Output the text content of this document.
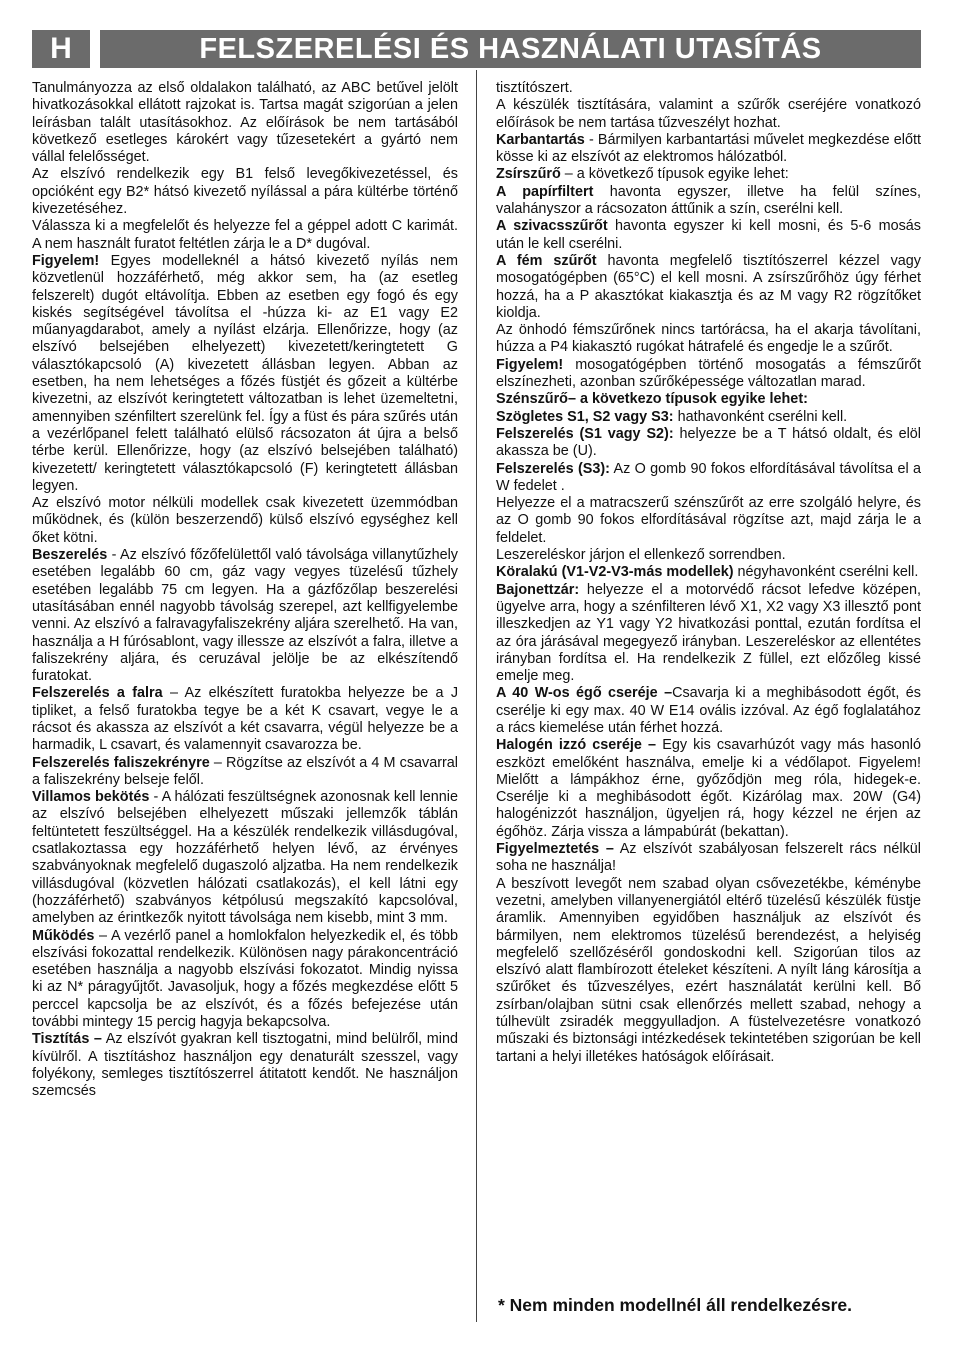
H	FELSZERELÉSI ÉS HASZNÁLATI UTASÍTÁS

Tanulmányozza az első oldalakon található, az ABC betűvel jelölt hivatkozásokkal ellátott rajzokat is. Tartsa magát szigorúan a jelen leírásban talált utasításokhoz. Az előírások be nem tartásából következő esetleges károkért vagy tűzesetekért a gyártó nem vállal felelősséget.

Az elszívó rendelkezik egy B1 felső levegőkivezetéssel, és opcióként egy B2* hátsó kivezető nyílással a pára kültérbe történő kivezetéséhez.

Válassza ki a megfelelőt és helyezze fel a géppel adott C karimát. A nem használt furatot feltétlen zárja le a D* dugóval.

Figyelem! Egyes modelleknél a hátsó kivezető nyílás nem közvetlenül hozzáférhető, még akkor sem, ha (az esetleg felszerelt) dugót eltávolítja. Ebben az esetben egy fogó és egy kiskés segítségével távolítsa el -húzza ki- az E1 vagy E2 műanyagdarabot, amely a nyílást elzárja. Ellenőrizze, hogy (az elszívó belsejében elhelyezett) kivezetett/keringtetett G választókapcsoló (A) kivezetett állásban legyen. Abban az esetben, ha nem lehetséges a főzés füstjét és gőzeit a kültérbe kivezetni, az elszívót keringtetett változatban is lehet üzemeltetni, amennyiben szénfiltert szerelünk fel. Így a füst és pára szűrés után a vezérlőpanel felett található elülső rácsozaton át újra a belső térbe kerül. Ellenőrizze, hogy (az elszívó belsejében található) kivezetett/ keringtetett választókapcsoló (F) keringtetett állásban legyen.

Az elszívó motor nélküli modellek csak kivezetett üzemmódban működnek, és (külön beszerzendő) külső elszívó egységhez kell őket kötni.

Beszerelés - Az elszívó főzőfelülettől való távolsága villanytűzhely esetében legalább 60 cm, gáz vagy vegyes tüzelésű tűzhely esetében legalább 75 cm legyen. Ha a gázfőzőlap beszerelési utasításában ennél nagyobb távolság szerepel, azt kellfigyelembe venni. Az elszívó a falravagyfaliszekrény aljára szerelhető. Ha van, használja a H fúrósablont, vagy illessze az elszívót a falra, illetve a faliszekrény aljára, és ceruzával jelölje be az elkészítendő furatokat.

Felszerelés a falra – Az elkészített furatokba helyezze be a J tipliket, a felső furatokba tegye be a két K csavart, vegye le a rácsot és akassza az elszívót a két csavarra, végül helyezze be a harmadik, L csavart, és valamennyit csavarozza be.

Felszerelés faliszekrényre – Rögzítse az elszívót a 4 M csavarral a faliszekrény belseje felől.

Villamos bekötés - A hálózati feszültségnek azonosnak kell lennie az elszívó belsejében elhelyezett műszaki jellemzők táblán feltüntetett feszültséggel. Ha a készülék rendelkezik villásdugóval, csatlakoztassa egy hozzáférhető helyen lévő, az érvényes szabványoknak megfelelő dugaszoló aljzatba. Ha nem rendelkezik villásdugóval (közvetlen hálózati csatlakozás), el kell látni egy (hozzáférhető) szabványos kétpólusú megszakító kapcsolóval, amelyben az érintkezők nyitott távolsága nem kisebb, mint 3 mm.

Működés – A vezérlő panel a homlokfalon helyezkedik el, és több elszívási fokozattal rendelkezik. Különösen nagy párakoncentráció esetében használja a nagyobb elszívási fokozatot. Mindig nyissa ki az N* páragyűjtőt. Javasoljuk, hogy a főzés megkezdése előtt 5 perccel kapcsolja be az elszívót, és a főzés befejezése után további mintegy 15 percig hagyja bekapcsolva.

Tisztítás – Az elszívót gyakran kell tisztogatni, mind belülről, mind kívülről. A tisztításhoz használjon egy denaturált szesszel, vagy folyékony, semleges tisztítószerrel átitatott kendőt. Ne használjon szemcsés

tisztítószert.

A készülék tisztítására, valamint a szűrők cseréjére vonatkozó előírások be nem tartása tűzveszélyt hozhat.

Karbantartás - Bármilyen karbantartási művelet megkezdése előtt kösse ki az elszívót az elektromos hálózatból.

Zsírszűrő – a következő típusok egyike lehet:

A papírfiltert havonta egyszer, illetve ha felül színes, valahányszor a rácsozaton áttűnik a szín, cserélni kell.

A szivacsszűrőt havonta egyszer ki kell mosni, és 5-6 mosás után le kell cserélni.

A fém szűrőt havonta megfelelő tisztítószerrel kézzel vagy mosogatógépben (65°C) el kell mosni. A zsírszűrőhöz úgy férhet hozzá, ha a P akasztókat kiakasztja és az M vagy R2 rögzítőket kioldja.

Az önhodó fémszűrőnek nincs tartórácsa, ha el akarja távolítani, húzza a P4 kiakasztó rugókat hátrafelé és engedje le a szűrőt.

Figyelem! mosogatógépben történő mosogatás a fémszűrőt elszínezheti, azonban szűrőképessége változatlan marad.

Szénszűrő– a következo típusok egyike lehet:

Szögletes S1, S2 vagy S3: hathavonként cserélni kell.

Felszerelés (S1 vagy S2): helyezze be a T hátsó oldalt, és elöl akassza be (U).

Felszerelés (S3): Az O gomb 90 fokos elfordításával távolítsa el a W fedelet .

Helyezze el a matracszerű szénszűrőt az erre szolgáló helyre, és az O gomb 90 fokos elfordításával rögzítse azt, majd zárja le a feldelet.

Leszereléskor járjon el ellenkező sorrendben.

Köralakú (V1-V2-V3-más modellek) négyhavonként cserélni kell.

Bajonettzár: helyezze el a motorvédő rácsot lefedve középen, ügyelve arra, hogy a szénfilteren lévő X1, X2 vagy X3 illesztő pont illeszkedjen az Y1 vagy Y2 hivatkozási ponttal, ezután fordítsa el az óra járásával megegyező irányban. Leszereléskor az ellentétes irányban fordítsa el. Ha rendelkezik Z füllel, ezt előzőleg kissé emelje meg.

A 40 W-os égő cseréje –Csavarja ki a meghibásodott égőt, és cserélje ki egy max. 40 W E14 ovális izzóval. Az égő foglalatához a rács kiemelése után férhet hozzá.

Halogén izzó cseréje – Egy kis csavarhúzót vagy más hasonló eszközt emelőként használva, emelje ki a védőlapot. Figyelem! Mielőtt a lámpákhoz érne, győződjön meg róla, hidegek-e. Cserélje ki a meghibásodott égőt. Kizárólag max. 20W (G4) halogénizzót használjon, ügyeljen rá, hogy kézzel ne érjen az égőhöz. Zárja vissza a lámpabúrát (bekattan).

Figyelmeztetés – Az elszívót szabályosan felszerelt rács nélkül soha ne használja!

A beszívott levegőt nem szabad olyan csővezetékbe, kéménybe vezetni, amelyben villanyenergiától eltérő tüzelésű készülék füstje áramlik. Amennyiben egyidőben használjuk az elszívót és bármilyen, nem elektromos tüzelésű berendezést, a helyiség megfelelő szellőzéséről gondoskodni kell. Szigorúan tilos az elszívó alatt flambírozott ételeket készíteni. A nyílt láng károsítja a szűrőket és tűzveszélyes, ezért használatát kerülni kell. Bő zsírban/olajban sütni csak ellenőrzés mellett szabad, nehogy a túlhevült zsiradék meggyulladjon. A füstelvezetésre vonatkozó műszaki és biztonsági intézkedések tekintetében szigorúan be kell tartani a helyi illetékes hatóságok előírásait.

* Nem minden modellnél áll rendelkezésre.
